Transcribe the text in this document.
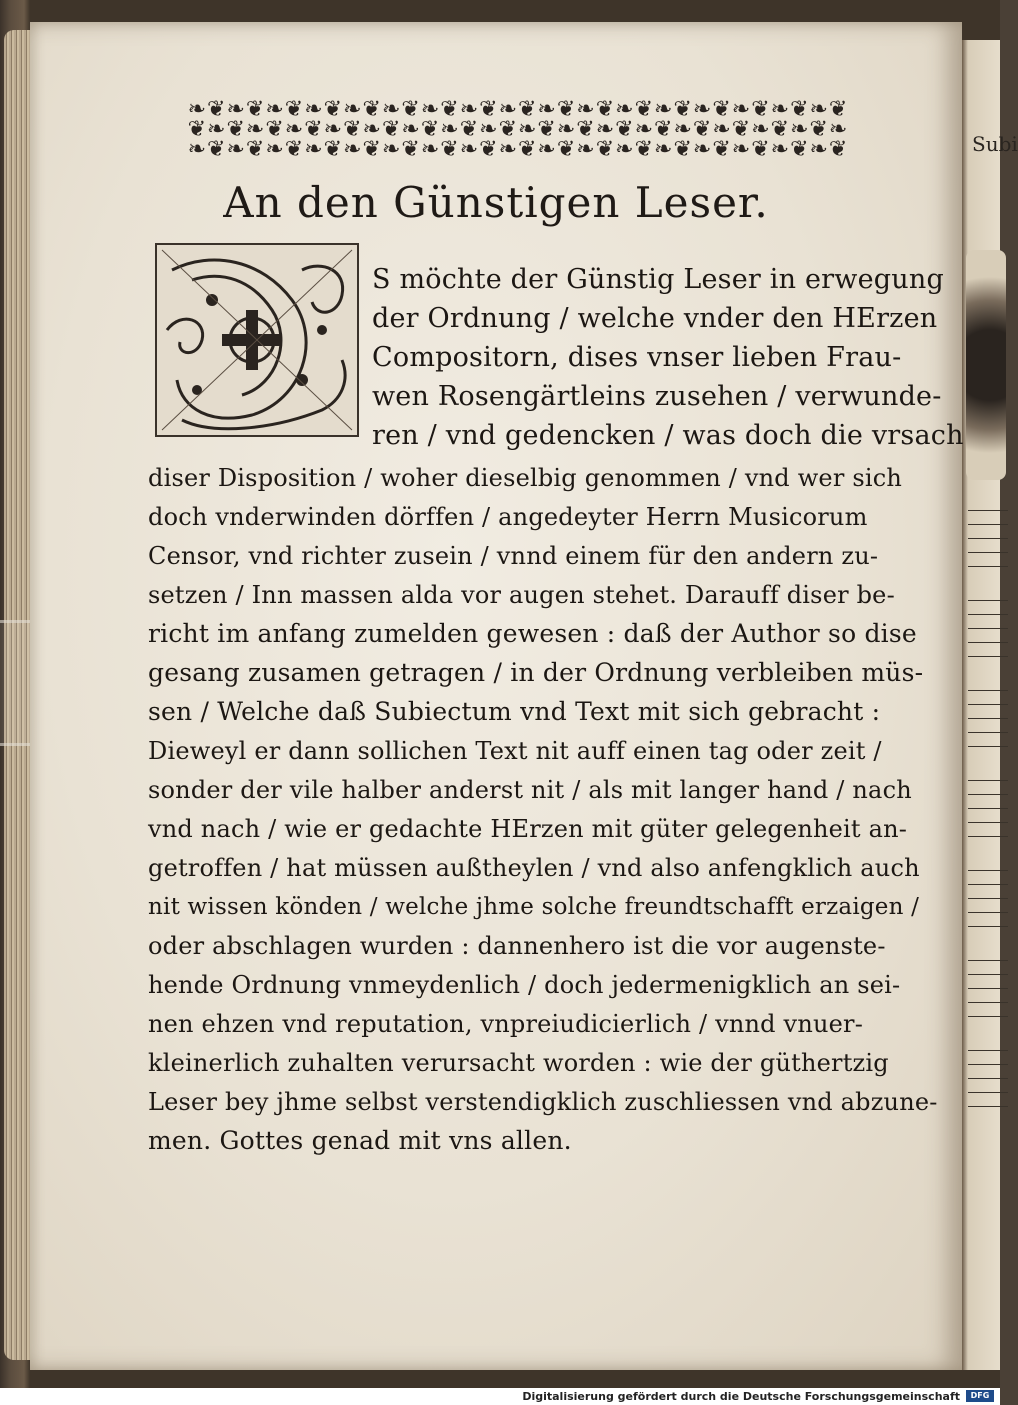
Subi
❧❦❧❦❧❦❧❦❧❦❧❦❧❦❧❦❧❦❧❦❧❦❧❦❧❦❧❦❧❦❧❦❧❦
❦❧❦❧❦❧❦❧❦❧❦❧❦❧❦❧❦❧❦❧❦❧❦❧❦❧❦❧❦❧❦❧❦❧
❧❦❧❦❧❦❧❦❧❦❧❦❧❦❧❦❧❦❧❦❧❦❧❦❧❦❧❦❧❦❧❦❧❦
An den Günstigen Leser.
S möchte der Günstig Leser in erwegung
der Ordnung / welche vnder den HErzen
Compositorn, dises vnser lieben Frau-
wen Rosengärtleins zusehen / verwunde-
ren / vnd gedencken / was doch die vrsach
diser Disposition / woher dieselbig genommen / vnd wer sich
doch vnderwinden dörffen / angedeyter Herrn Musicorum
Censor, vnd richter zusein / vnnd einem für den andern zu-
setzen / Inn massen alda vor augen stehet. Darauff diser be-
richt im anfang zumelden gewesen : daß der Author so dise
gesang zusamen getragen / in der Ordnung verbleiben müs-
sen / Welche daß Subiectum vnd Text mit sich gebracht :
Dieweyl er dann sollichen Text nit auff einen tag oder zeit /
sonder der vile halber anderst nit / als mit langer hand / nach
vnd nach / wie er gedachte HErzen mit güter gelegenheit an-
getroffen / hat müssen außtheylen / vnd also anfengklich auch
nit wissen könden / welche jhme solche freundtschafft erzaigen /
oder abschlagen wurden : dannenhero ist die vor augenste-
hende Ordnung vnmeydenlich / doch jedermenigklich an sei-
nen ehzen vnd reputation, vnpreiudicierlich / vnnd vnuer-
kleinerlich zuhalten verursacht worden : wie der güthertzig
Leser bey jhme selbst verstendigklich zuschliessen vnd abzune-
men. Gottes genad mit vns allen.
Digitalisierung gefördert durch die Deutsche Forschungsgemeinschaft	DFG
